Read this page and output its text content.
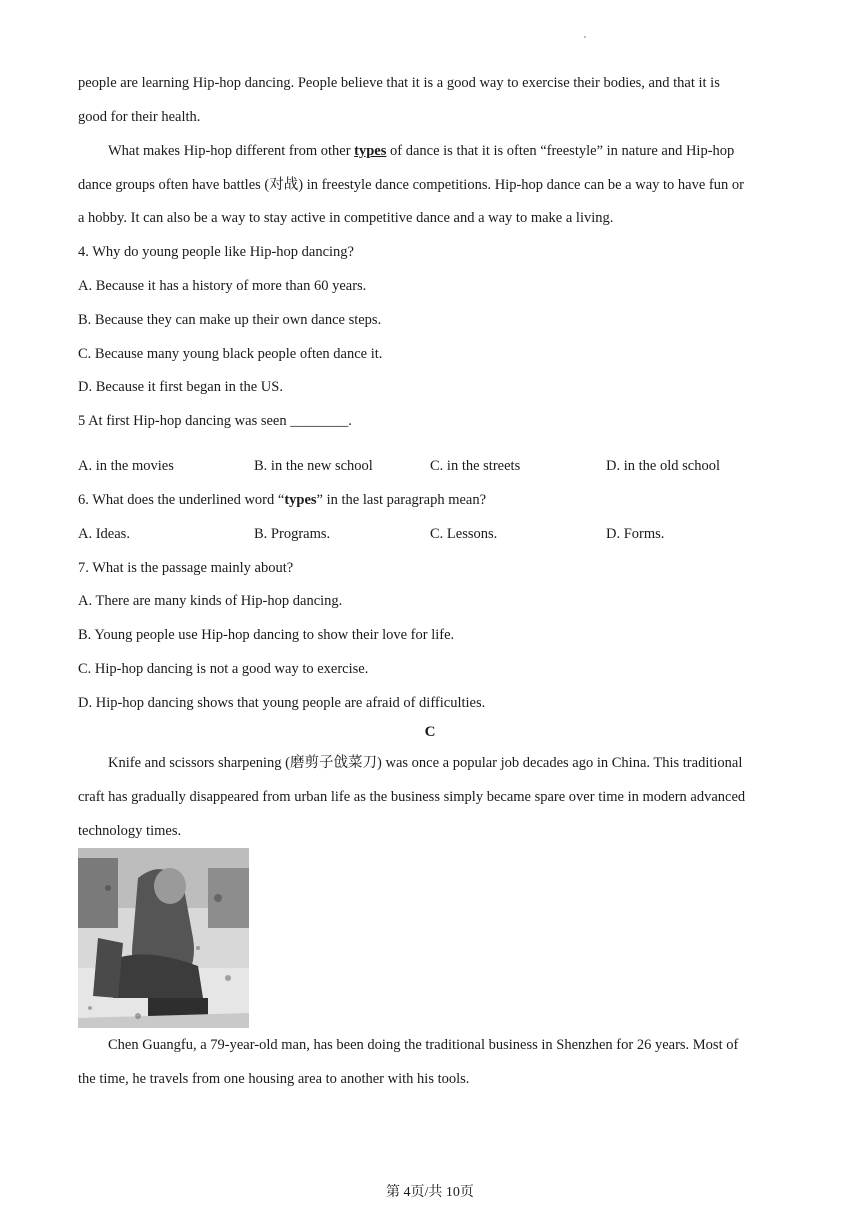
people are learning Hip-hop dancing. People believe that it is a good way to exercise their bodies, and that it is
good for their health.
What makes Hip-hop different from other types of dance is that it is often “freestyle” in nature and Hip-hop
dance groups often have battles (对战) in freestyle dance competitions. Hip-hop dance can be a way to have fun or
a hobby. It can also be a way to stay active in competitive dance and a way to make a living.
4. Why do young people like Hip-hop dancing?
A. Because it has a history of more than 60 years.
B. Because they can make up their own dance steps.
C. Because many young black people often dance it.
D. Because it first began in the US.
5 At first Hip-hop dancing was seen ________.
A. in the movies	B. in the new school	C. in the streets	D. in the old school
6. What does the underlined word “types” in the last paragraph mean?
A. Ideas.	B. Programs.	C. Lessons.	D. Forms.
7. What is the passage mainly about?
A. There are many kinds of Hip-hop dancing.
B. Young people use Hip-hop dancing to show their love for life.
C. Hip-hop dancing is not a good way to exercise.
D. Hip-hop dancing shows that young people are afraid of difficulties.
C
Knife and scissors sharpening (磨剪子戗菜刀) was once a popular job decades ago in China. This traditional
craft has gradually disappeared from urban life as the business simply became spare over time in modern advanced
technology times.
Chen Guangfu, a 79-year-old man, has been doing the traditional business in Shenzhen for 26 years. Most of
the time, he travels from one housing area to another with his tools.
第 4页/共 10页
